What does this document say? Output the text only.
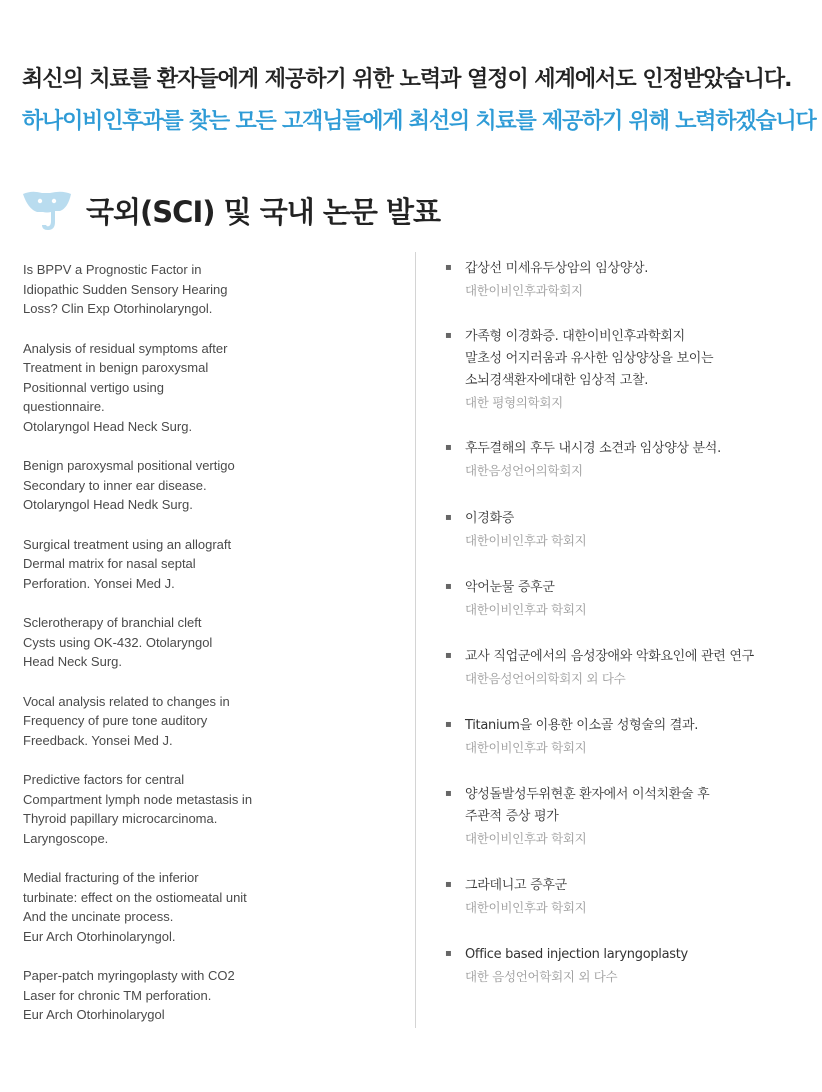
최신의 치료를 환자들에게 제공하기 위한 노력과 열정이 세계에서도 인정받았습니다.
하나이비인후과를 찾는 모든 고객님들에게 최선의 치료를 제공하기 위해 노력하겠습니다
국외(SCI) 및 국내 논문 발표
Is BPPV a Prognostic Factor in
Idiopathic Sudden Sensory Hearing
Loss? Clin Exp Otorhinolaryngol.
Analysis of residual symptoms after
Treatment in benign paroxysmal
Positionnal vertigo using
questionnaire.
Otolaryngol Head Neck Surg.
Benign paroxysmal positional vertigo
Secondary to inner ear disease.
Otolaryngol Head Nedk Surg.
Surgical treatment using an allograft
Dermal matrix for nasal septal
Perforation. Yonsei Med J.
Sclerotherapy of branchial cleft
Cysts using OK-432. Otolaryngol
Head Neck Surg.
Vocal analysis related to changes in
Frequency of pure tone auditory
Freedback. Yonsei Med J.
Predictive factors for central
Compartment lymph node metastasis in
Thyroid papillary microcarcinoma.
Laryngoscope.
Medial fracturing of the inferior
turbinate: effect on the ostiomeatal unit
And the uncinate process.
Eur Arch Otorhinolaryngol.
Paper-patch myringoplasty with CO2
Laser for chronic TM perforation.
Eur Arch Otorhinolarygol
▪ 갑상선 미세유두상암의 임상양상.
대한이비인후과학회지
▪ 가족형 이경화증. 대한이비인후과학회지
말초성 어지러움과 유사한 임상양상을 보이는
소뇌경색환자에대한 임상적 고찰.
대한 평형의학회지
▪ 후두결해의 후두 내시경 소견과 임상양상 분석.
대한음성언어의학회지
▪ 이경화증
대한이비인후과 학회지
▪ 악어눈물 증후군
대한이비인후과 학회지
▪ 교사 직업군에서의 음성장애와 악화요인에 관련 연구
대한음성언어의학회지 외 다수
▪ Titanium을 이용한 이소골 성형술의 결과.
대한이비인후과 학회지
▪ 양성돌발성두위현훈 환자에서 이석치환술 후
주관적 증상 평가
대한이비인후과 학회지
▪ 그라데니고 증후군
대한이비인후과 학회지
▪ Office based injection laryngoplasty
대한 음성언어학회지 외 다수
